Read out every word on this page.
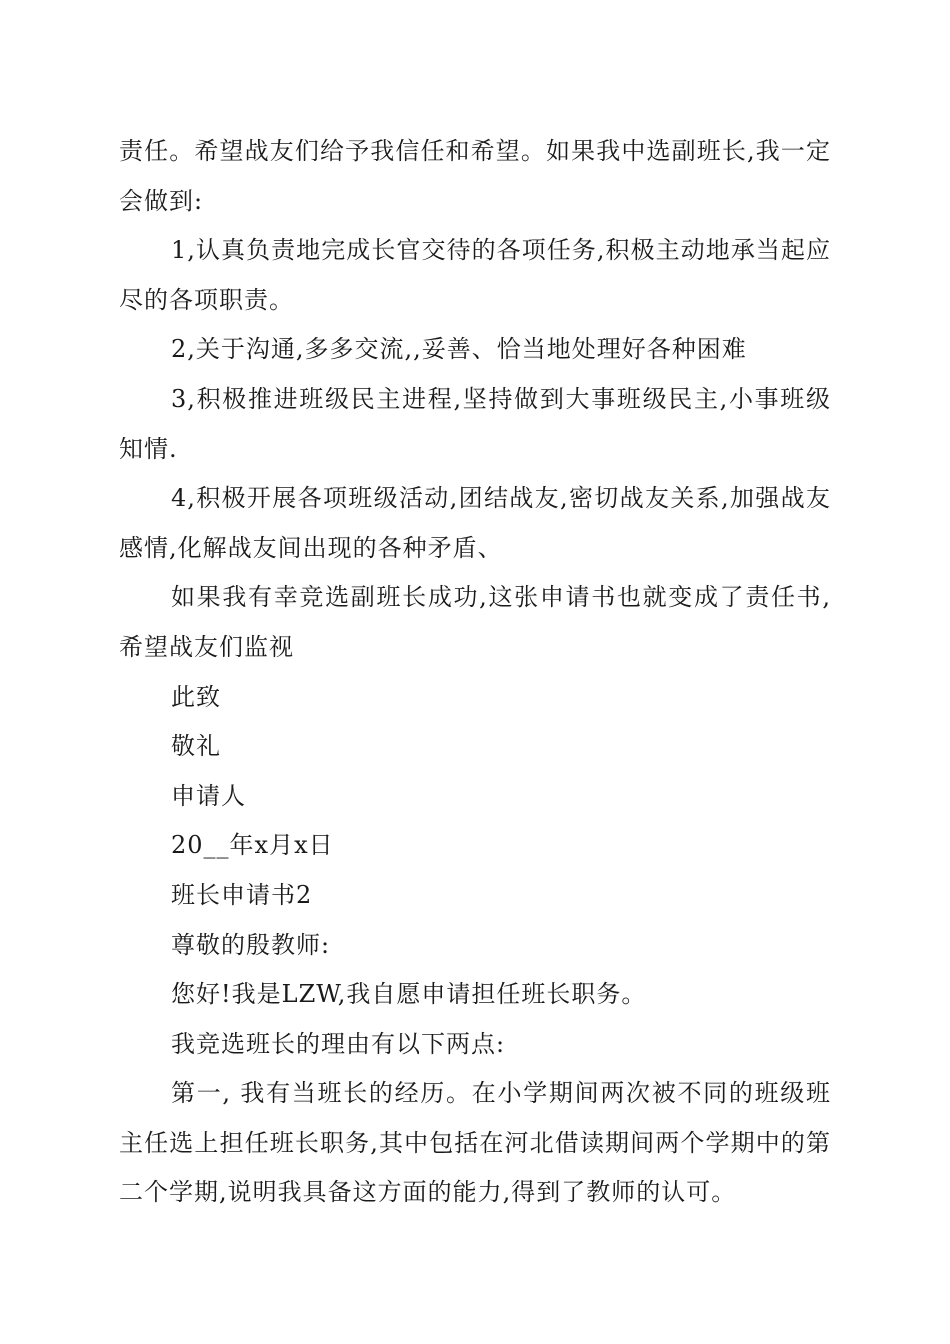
责任。希望战友们给予我信任和希望。如果我中选副班长,我一定会做到:

1,认真负责地完成长官交待的各项任务,积极主动地承当起应尽的各项职责。

2,关于沟通,多多交流,,妥善、恰当地处理好各种困难

3,积极推进班级民主进程,坚持做到大事班级民主,小事班级知情.

4,积极开展各项班级活动,团结战友,密切战友关系,加强战友感情,化解战友间出现的各种矛盾、

如果我有幸竞选副班长成功,这张申请书也就变成了责任书,希望战友们监视

此致

敬礼

申请人

20__年x月x日

班长申请书2

尊敬的殷教师:

您好!我是LZW,我自愿申请担任班长职务。

我竞选班长的理由有以下两点:

第一, 我有当班长的经历。在小学期间两次被不同的班级班主任选上担任班长职务,其中包括在河北借读期间两个学期中的第二个学期,说明我具备这方面的能力,得到了教师的认可。
